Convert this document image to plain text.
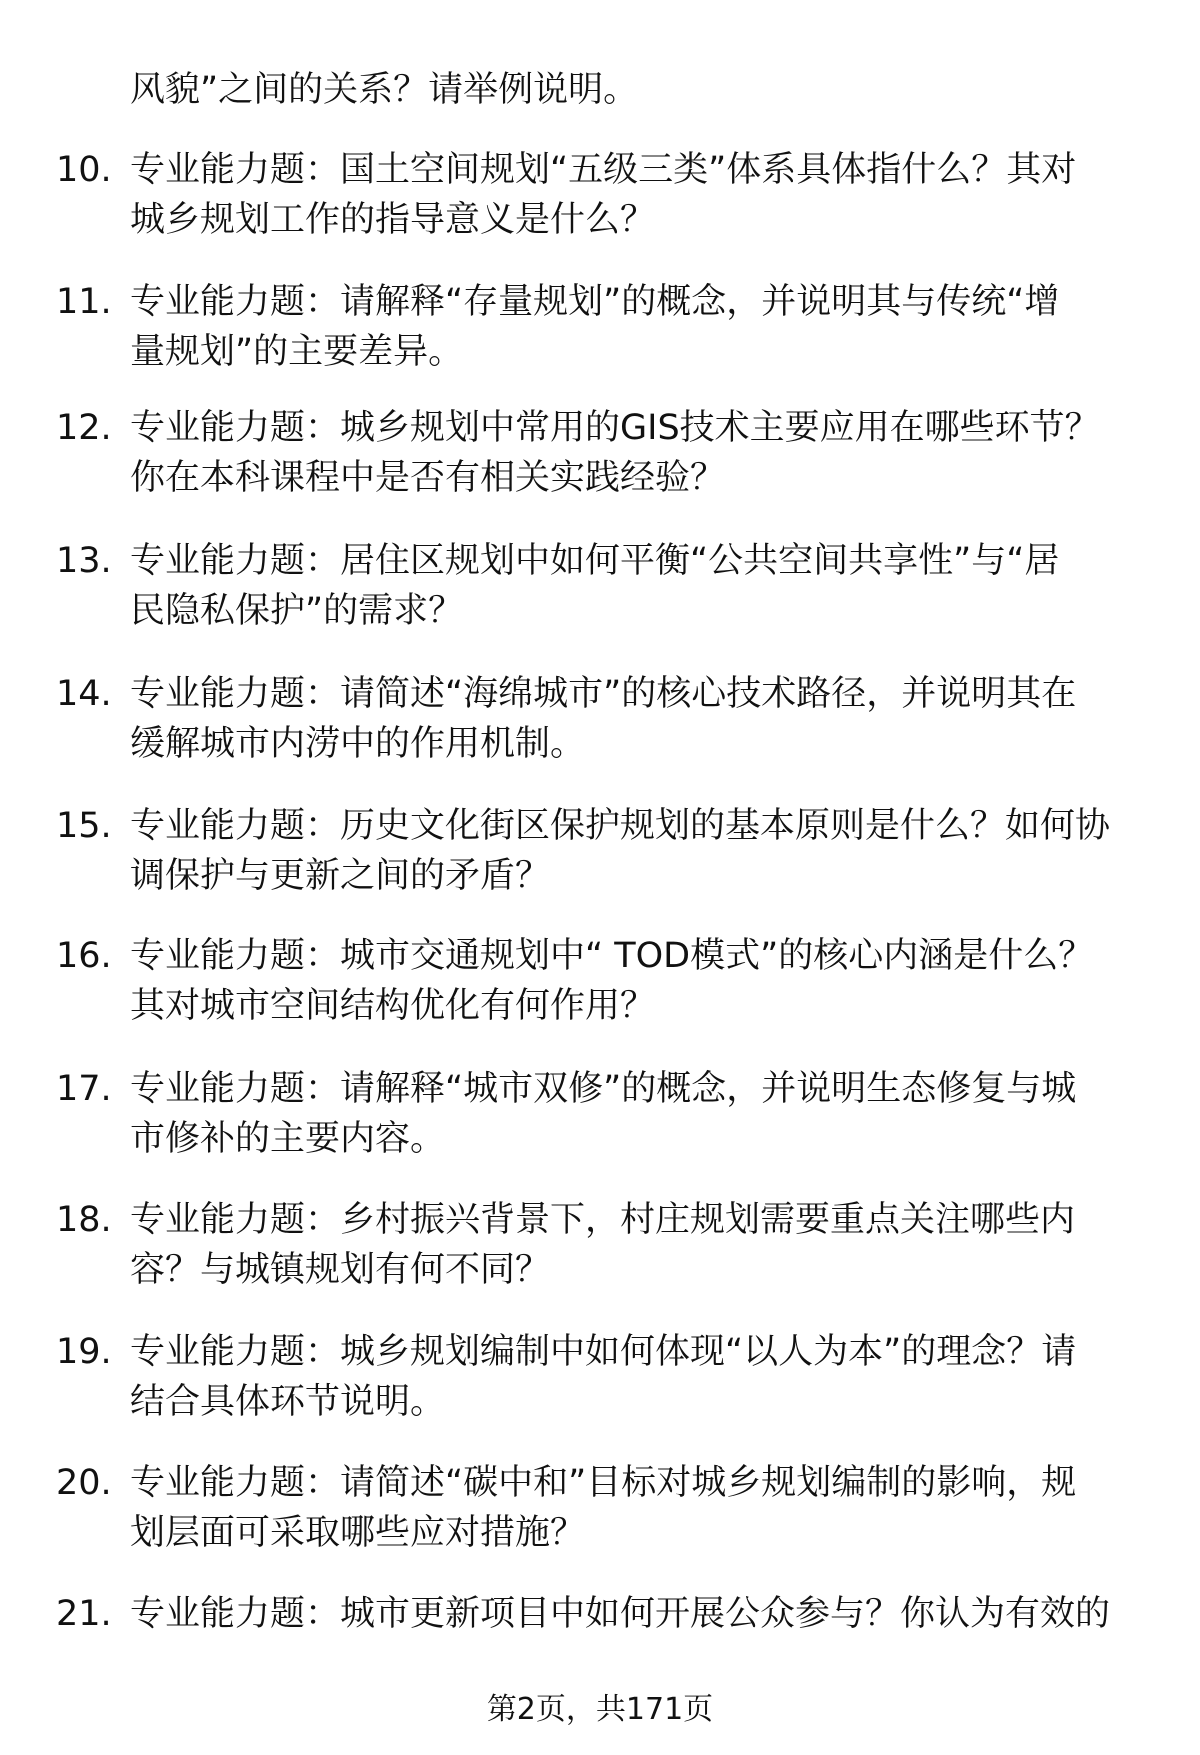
风貌”之间的关系？请举例说明。
10. 专业能力题：国土空间规划“五级三类”体系具体指什么？其对
城乡规划工作的指导意义是什么？
11. 专业能力题：请解释“存量规划”的概念，并说明其与传统“增
量规划”的主要差异。
12. 专业能力题：城乡规划中常用的GIS技术主要应用在哪些环节？
你在本科课程中是否有相关实践经验？
13. 专业能力题：居住区规划中如何平衡“公共空间共享性”与“居
民隐私保护”的需求？
14. 专业能力题：请简述“海绵城市”的核心技术路径，并说明其在
缓解城市内涝中的作用机制。
15. 专业能力题：历史文化街区保护规划的基本原则是什么？如何协
调保护与更新之间的矛盾？
16. 专业能力题：城市交通规划中“ TOD模式”的核心内涵是什么？
其对城市空间结构优化有何作用？
17. 专业能力题：请解释“城市双修”的概念，并说明生态修复与城
市修补的主要内容。
18. 专业能力题：乡村振兴背景下，村庄规划需要重点关注哪些内
容？与城镇规划有何不同？
19. 专业能力题：城乡规划编制中如何体现“以人为本”的理念？请
结合具体环节说明。
20. 专业能力题：请简述“碳中和”目标对城乡规划编制的影响，规
划层面可采取哪些应对措施？
21. 专业能力题：城市更新项目中如何开展公众参与？你认为有效的
第2页，共171页
